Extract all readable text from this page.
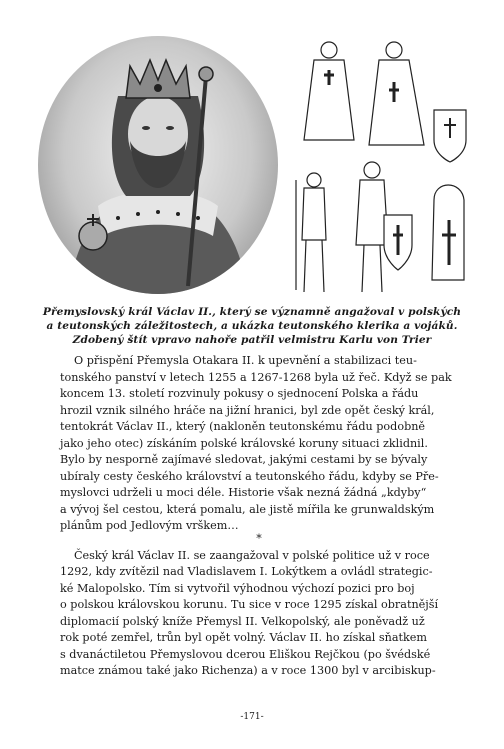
Přemyslovský král Václav II., který se významně angažoval v polských
a teutonských záležitostech, a ukázka teutonského klerika a vojáků.
Zdobený štít vpravo nahoře patřil velmistru Karlu von Trier
O přispění Přemysla Otakara II. k upevnění a stabilizaci teu-
tonského panství v letech 1255 a 1267-1268 byla už řeč. Když se pak
koncem 13. století rozvinuly pokusy o sjednocení Polska a řádu
hrozil vznik silného hráče na jižní hranici, byl zde opět český král,
tentokrát Václav II., který (nakloněn teutonskému řádu podobně
jako jeho otec) získáním polské královské koruny situaci zklidnil.
Bylo by nesporně zajímavé sledovat, jakými cestami by se bývaly
ubíraly cesty českého království a teutonského řádu, kdyby se Pře-
myslovci udrželi u moci déle. Historie však nezná žádná „kdyby“
a vývoj šel cestou, která pomalu, ale jistě mířila ke grunwaldským
plánům pod Jedlovým vrškem…
*
Český král Václav II. se zaangažoval v polské politice už v roce
1292, kdy zvítězil nad Vladislavem I. Lokýtkem a ovládl strategic-
ké Malopolsko. Tím si vytvořil výhodnou výchozí pozici pro boj
o polskou královskou korunu. Tu sice v roce 1295 získal obratnější
diplomacií polský kníže Přemysl II. Velkopolský, ale poněvadž už
rok poté zemřel, trůn byl opět volný. Václav II. ho získal sňatkem
s dvanáctiletou Přemyslovou dcerou Eliškou Rejčkou (po švédské
matce známou také jako Richenza) a v roce 1300 byl v arcibiskup-
-171-
